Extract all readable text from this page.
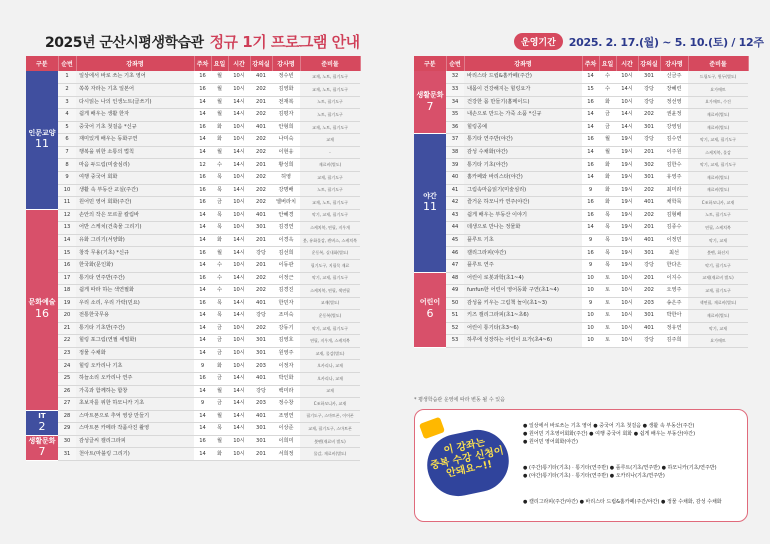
2025년 군산시평생학습관 정규 1기 프로그램 안내	운영기간	2025. 2. 17.(월) ~ 5. 10.(토) / 12주
구분	순번	강좌명	주차	요일	시간	강의실	강사명	준비물
인문교양
11	1	일상에서 바로 쓰는 기초 영어	16	월	10시	401	정수빈	교재, 노트, 필기도구
	2	쏙쏙 자라는 기초 일본어	16	월	10시	202	김영화	교재, 노트, 필기도구
	3	다시읽는 나의 인생노트(글쓰기)	14	월	14시	201	전재복	노트, 필기도구
	4	쉽게 배우는 생활 한자	14	월	14시	202	김평자	노트, 필기도구
	5	중국어 기초 첫걸음 *신규	16	화	10시	401	안형희	교재, 노트, 필기도구
	6	재미있게 배우는 동화구연	14	화	10시	202	나미숙	교재
	7	행복을 위한 소통의 법칙	14	월	14시	202	이현웅	-
	8	마음 두드림(미술심리)	12	수	14시	201	황성희	재료비(별도)
	9	여행 중국어 회화	16	목	10시	202	허영	교재, 필기도구
	10	생활 속 부동산 교실(주간)	16	목	14시	202	강명배	노트, 필기도구
	11	원어민 영어 회화(주간)	16	금	10시	202	엘버라치	교재, 노트, 필기도구
문화예술
16	12	손안의 작은 모르골 칼림바	14	목	10시	401	안혜경	악기, 교재, 필기도구
	13	어반 스케치(건축물 그리기)	14	목	10시	301	김경연	스케치북, 연필, 지우개
	14	유화 그리기(서양화)	14	화	14시	201	이경옥	붓, 유화물감, 캔버스, 스케치북
	15	창작 무용(기초) *신규	16	월	14시	강당	김선희	운동복, 실내화(별도)
	16	한국화(문인화)	14	수	10시	201	이동관	필기도구, 지필묵 재료
	17	통기타 연주반(주간)	16	수	14시	202	이정근	악기, 교재, 필기도구
	18	쉽게 따라 하는 색연필화	14	수	10시	202	김경진	스케치북, 연필, 색연필
	19	우리 소리, 우리 가락(민요)	16	목	14시	401	한민자	교재(별도)
	20	전통한국무용	14	목	14시	강당	조미숙	운동복(별도)
	21	통기타 기초반(주간)	14	금	10시	202	강동기	악기, 교재, 필기도구
	22	힐링 포그림(연필 세밀화)	14	금	10시	301	김영호	연필, 지우개, 스케치북
	23	정물 수채화	14	금	10시	301	원영주	교재, 물감(별도)
	24	힐링 오카리나 기초	9	화	10시	203	이정자	오카리나, 교재
	25	하늘소리 오카리나 연주	16	금	14시	401	박인화	오카리나, 교재
	26	가곡과 함께하는 합창	14	월	14시	강당	백미라	교재
	27	초보자를 위한 하모니카 기초	9	금	14시	203	정수창	C조하모니카, 교재
IT
2	28	스마트폰으로 추억 영상 만들기	14	월	14시	401	조영연	필기도구, 스마트폰, 이어폰
	29	스마트폰 카메라 작품사진 촬영	14	목	14시	301	이상준	교재, 필기도구, 스마트폰
생활문화
7	30	감성글씨 캘리그라피	16	월	10시	301	이희미	붓펜(재료비 별도)
	31	천아트(마블링 그리기)	14	화	10시	201	서희정	물감, 재료비(별도)
구분	순번	강좌명	주차	요일	시간	강의실	강사명	준비물
생활문화
7	32	바리스타 드립&홈카페(주간)	14	수	10시	301	신금주	드립도구, 원두(별도)
	33	내몸이 건강해지는 힐링요가	15	수	14시	강당	장혜린	요가매트
	34	건강한 몸 만들기(홈메이드)	16	화	10시	강당	정선영	요가매트, 수건
	35	내손으로 만드는 가죽 소품 *신규	14	금	14시	202	권윤정	재료비(별도)
	36	힐링공예	14	금	14시	301	강영임	재료비(별도)
야간
11	37	통기타 연주반(야간)	16	월	19시	강당	김수연	악기, 교재, 필기도구
	38	감성 수채화(야간)	14	월	19시	201	이주원	스케치북, 물감
	39	통기타 기초(야간)	16	화	19시	302	김한수	악기, 교재, 필기도구
	40	홈카페와 바리스타(야간)	14	화	19시	301	유영주	재료비(별도)
	41	그림속마음읽기(미술심리)	9	화	19시	202	최미라	재료비(별도)
	42	즐거운 하모니카 연주(야간)	16	화	19시	401	채학묵	C조하모니카, 교재
	43	쉽게 배우는 부동산 이야기	16	목	19시	202	김형배	노트, 필기도구
	44	데생으로 만나는 정물화	14	목	19시	201	김종수	연필, 스케치북
	45	플루트 기초	9	목	19시	401	이정민	악기, 교재
	46	캘리그라피(야간)	16	목	19시	301	최선	붓펜, 화선지
	47	플루트 연주	9	목	19시	강당	한다은	악기, 필기도구
어린이
6	48	어린이 로봇과학(초1~4)	10	토	10시	201	이지수	교재(재료비 별도)
	49	funfun한 어린이 영어동화 구연(초1~4)	10	토	10시	202	오영주	교재, 필기도구
	50	감성을 키우는 그림책 놀이(초1~3)	9	토	10시	203	송은주	색연필, 재료비(별도)
	51	키즈 캘리그라피(초1~초6)	10	토	10시	301	박한아	재료비(별도)
	52	어린이 통기타(초3~6)	10	토	10시	401	정유연	악기, 교재
	53	하루에 성장하는 어린이 요가(초4~6)	10	토	10시	강당	김주희	요가매트
* 평생학습관 운영에 따라 변동 될 수 있음
이 강좌는
중복 수강 신청이
안돼요~!!
● 일상에서 바로쓰는 기초 영어 ● 중국어 기초 첫걸음 ● 생활 속 부동산(주간)
● 원어민 기초영어회화(주간) ● 여행 중국어 회화 ● 쉽게 배우는 부동산(야간)
● 원어민 영어회화(야간)
● (주간)통기타(기초) · 통기타(연주반) ● 플루트(기초/연주반) ● 하모니카(기초/연주반)
● (야간)통기타(기초) · 통기타(연주반) ● 오카리나(기초/연주반)
● 캘리그라피(주간/야간) ● 바리스타 드립&홈카페(주간/야간) ● 정물 수채화, 감성 수채화
